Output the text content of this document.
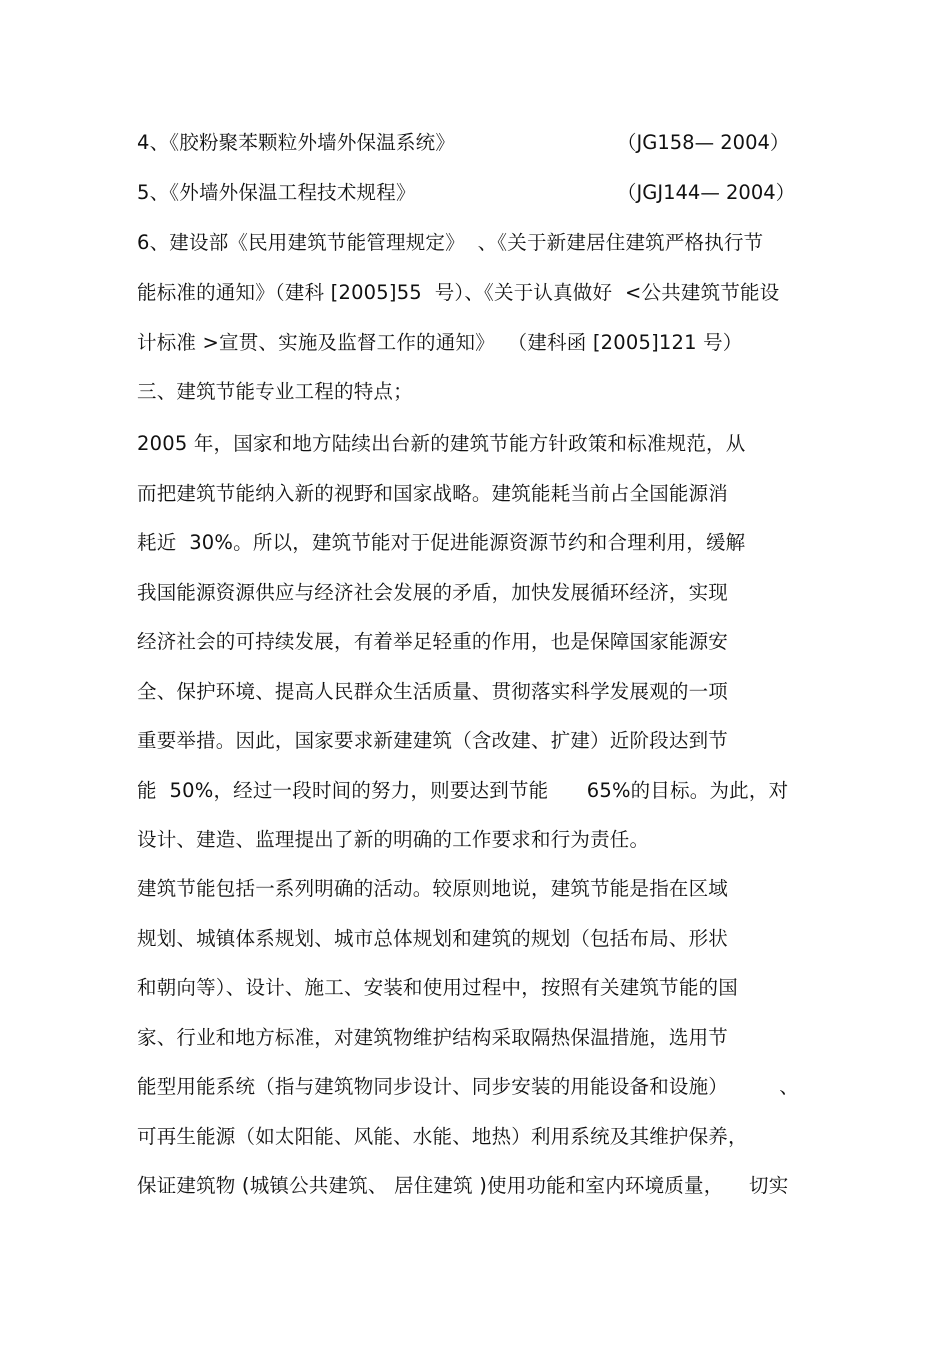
4、《胶粉聚苯颗粒外墙外保温系统》	（JG158— 2004）
5、《外墙外保温工程技术规程》	（JGJ144— 2004）
6、建设部《民用建筑节能管理规定》  、《关于新建居住建筑严格执行节
能标准的通知》（建科 [2005]55  号）、《关于认真做好  <公共建筑节能设
计标准 >宣贯、实施及监督工作的通知》  （建科函 [2005]121 号）
三、建筑节能专业工程的特点；
2005 年，国家和地方陆续出台新的建筑节能方针政策和标准规范，从
而把建筑节能纳入新的视野和国家战略。建筑能耗当前占全国能源消
耗近  30%。所以，建筑节能对于促进能源资源节约和合理利用，缓解
我国能源资源供应与经济社会发展的矛盾，加快发展循环经济，实现
经济社会的可持续发展，有着举足轻重的作用，也是保障国家能源安
全、保护环境、提高人民群众生活质量、贯彻落实科学发展观的一项
重要举措。因此，国家要求新建建筑（含改建、扩建）近阶段达到节
能  50%，经过一段时间的努力，则要达到节能      65%的目标。为此，对
设计、建造、监理提出了新的明确的工作要求和行为责任。
建筑节能包括一系列明确的活动。较原则地说，建筑节能是指在区域
规划、城镇体系规划、城市总体规划和建筑的规划（包括布局、形状
和朝向等）、设计、施工、安装和使用过程中，按照有关建筑节能的国
家、行业和地方标准，对建筑物维护结构采取隔热保温措施，选用节
能型用能系统（指与建筑物同步设计、同步安装的用能设备和设施）        、
可再生能源（如太阳能、风能、水能、地热）利用系统及其维护保养，
保证建筑物 (城镇公共建筑、 居住建筑 )使用功能和室内环境质量，    切实
